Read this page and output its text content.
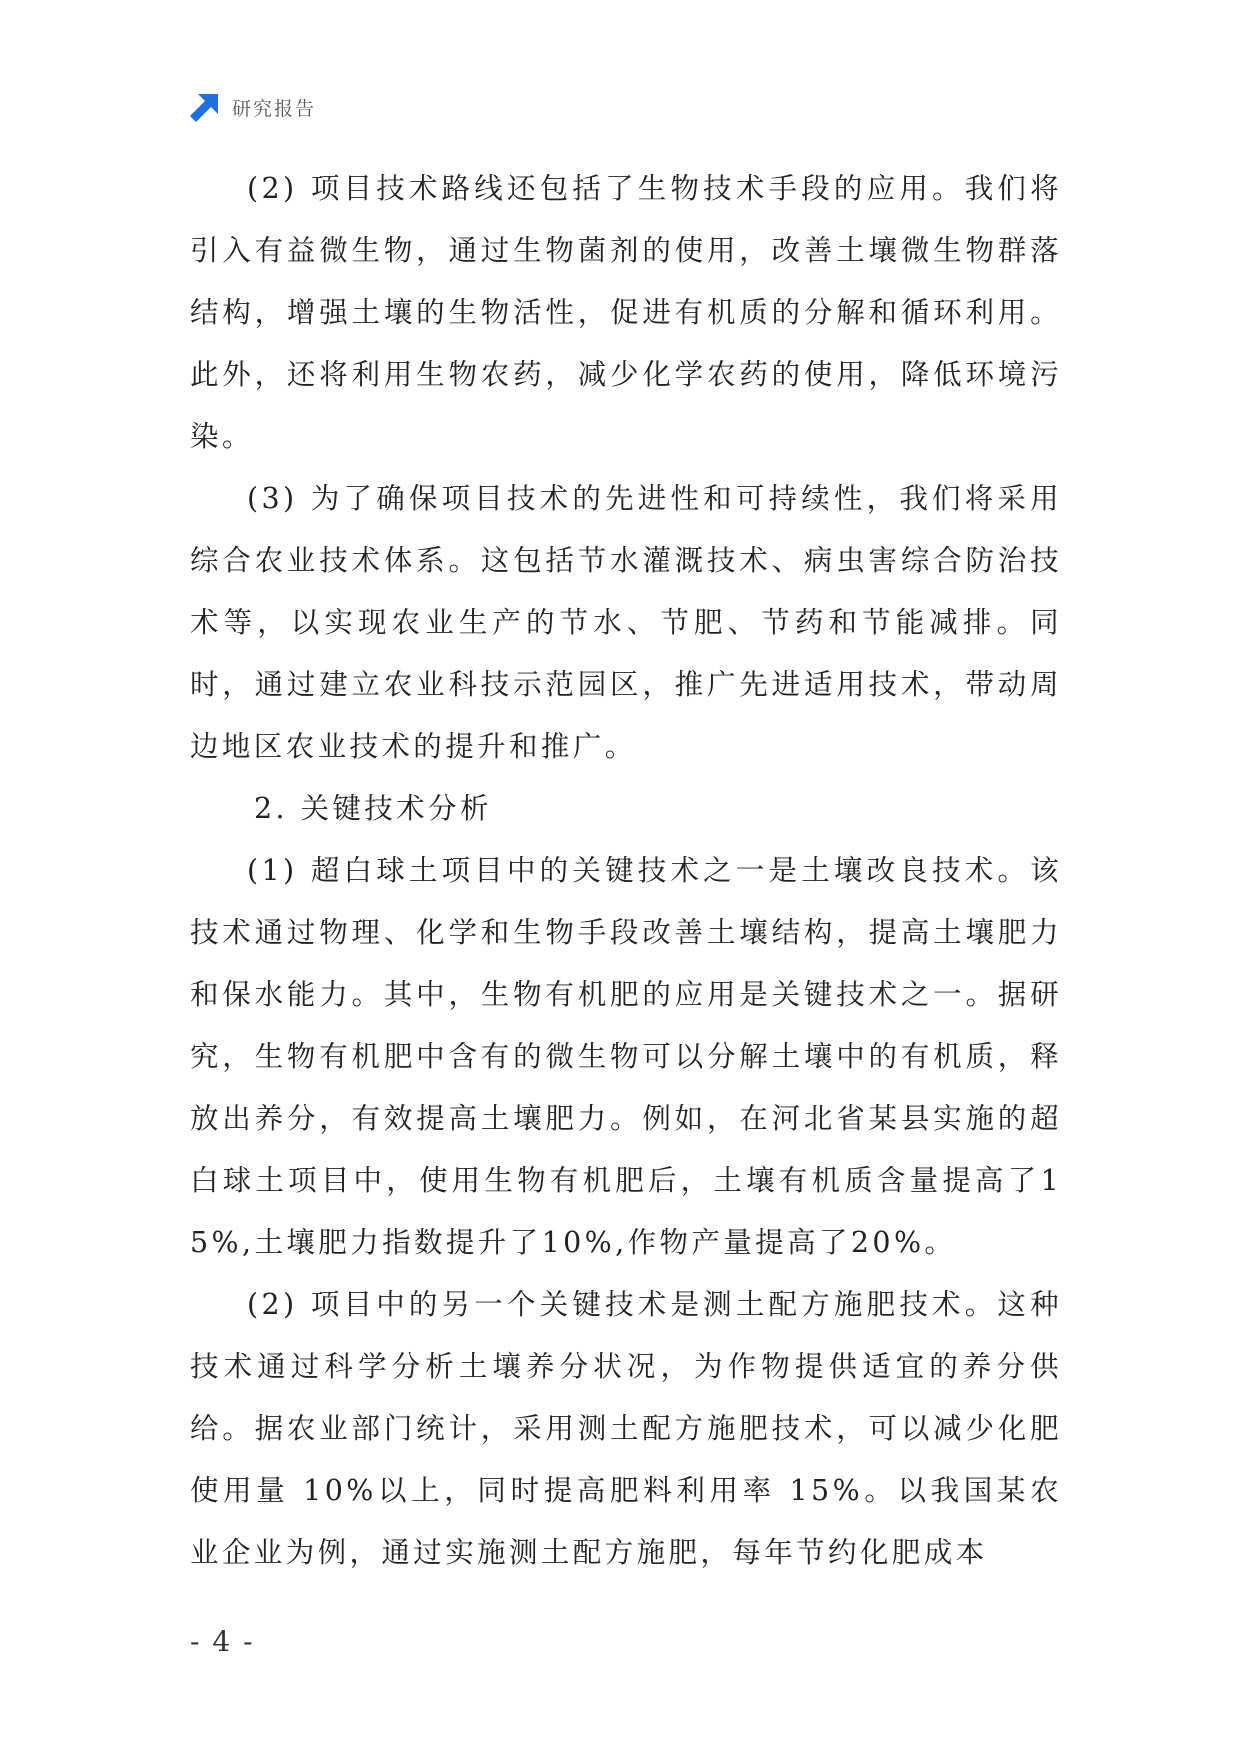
研究报告

(2) 项目技术路线还包括了生物技术手段的应用。我们将引入有益微生物，通过生物菌剂的使用，改善土壤微生物群落结构，增强土壤的生物活性，促进有机质的分解和循环利用。此外，还将利用生物农药，减少化学农药的使用，降低环境污染。

(3) 为了确保项目技术的先进性和可持续性，我们将采用综合农业技术体系。这包括节水灌溉技术、病虫害综合防治技术等，以实现农业生产的节水、节肥、节药和节能减排。同时，通过建立农业科技示范园区，推广先进适用技术，带动周边地区农业技术的提升和推广。

2. 关键技术分析

(1) 超白球土项目中的关键技术之一是土壤改良技术。该技术通过物理、化学和生物手段改善土壤结构，提高土壤肥力和保水能力。其中，生物有机肥的应用是关键技术之一。据研究，生物有机肥中含有的微生物可以分解土壤中的有机质，释放出养分，有效提高土壤肥力。例如，在河北省某县实施的超白球土项目中，使用生物有机肥后，土壤有机质含量提高了15%,土壤肥力指数提升了10%,作物产量提高了20%。

(2) 项目中的另一个关键技术是测土配方施肥技术。这种技术通过科学分析土壤养分状况，为作物提供适宜的养分供给。据农业部门统计，采用测土配方施肥技术，可以减少化肥使用量 10%以上，同时提高肥料利用率 15%。以我国某农业企业为例，通过实施测土配方施肥，每年节约化肥成本

- 4 -
